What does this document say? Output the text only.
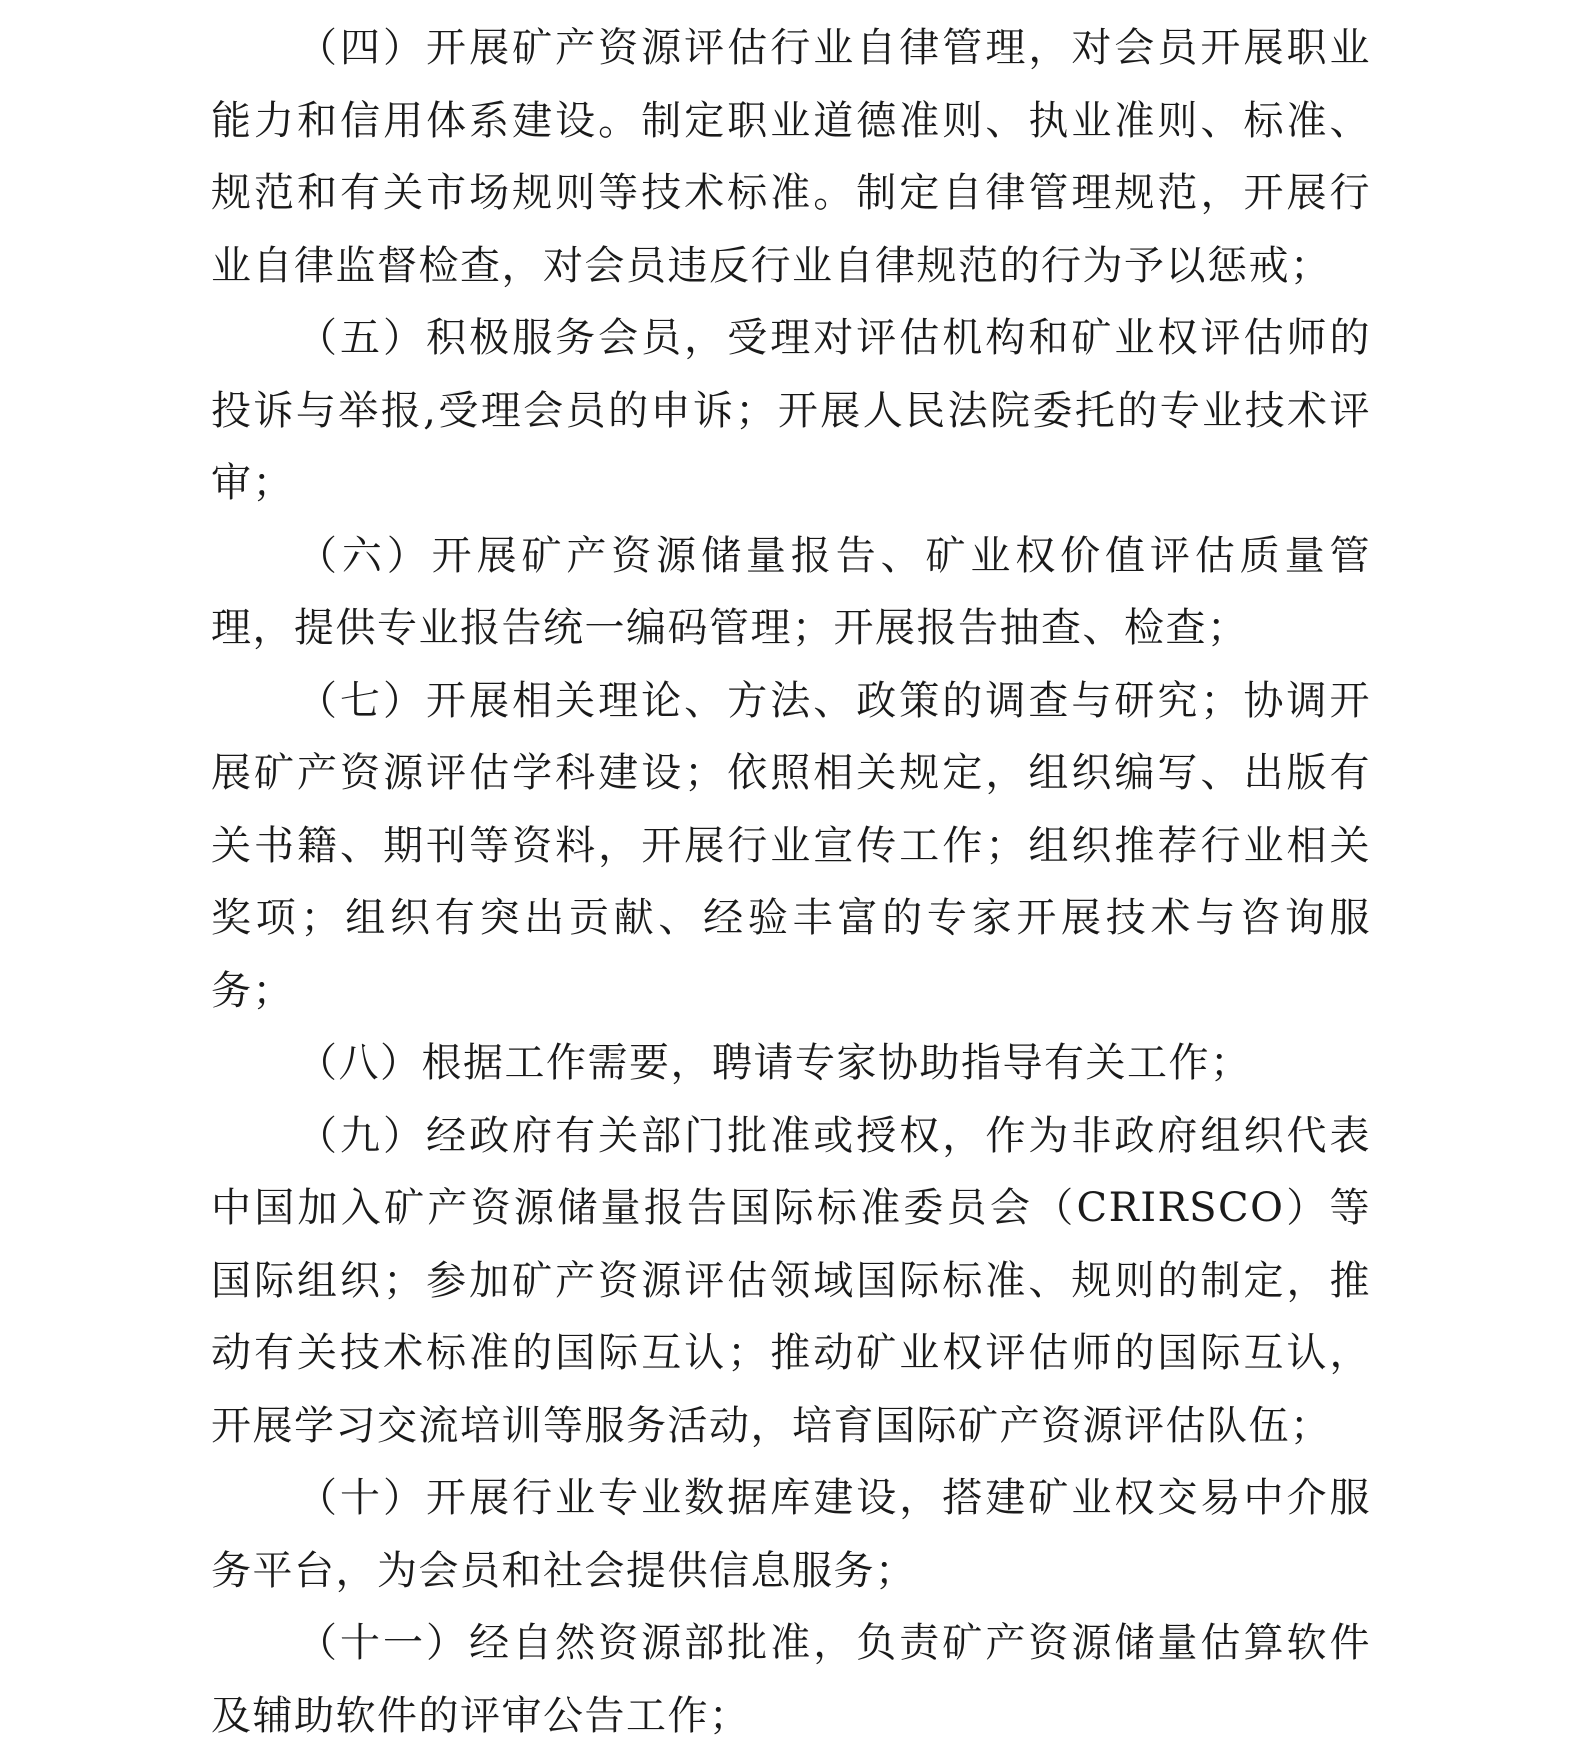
（四）开展矿产资源评估行业自律管理，对会员开展职业能力和信用体系建设。制定职业道德准则、执业准则、标准、规范和有关市场规则等技术标准。制定自律管理规范，开展行业自律监督检查，对会员违反行业自律规范的行为予以惩戒；

（五）积极服务会员，受理对评估机构和矿业权评估师的投诉与举报,受理会员的申诉；开展人民法院委托的专业技术评审；

（六）开展矿产资源储量报告、矿业权价值评估质量管理，提供专业报告统一编码管理；开展报告抽查、检查；

（七）开展相关理论、方法、政策的调查与研究；协调开展矿产资源评估学科建设；依照相关规定，组织编写、出版有关书籍、期刊等资料，开展行业宣传工作；组织推荐行业相关奖项；组织有突出贡献、经验丰富的专家开展技术与咨询服务；

（八）根据工作需要，聘请专家协助指导有关工作；

（九）经政府有关部门批准或授权，作为非政府组织代表中国加入矿产资源储量报告国际标准委员会（CRIRSCO）等国际组织；参加矿产资源评估领域国际标准、规则的制定，推动有关技术标准的国际互认；推动矿业权评估师的国际互认，开展学习交流培训等服务活动，培育国际矿产资源评估队伍；

（十）开展行业专业数据库建设，搭建矿业权交易中介服务平台，为会员和社会提供信息服务；

（十一）经自然资源部批准，负责矿产资源储量估算软件及辅助软件的评审公告工作；
